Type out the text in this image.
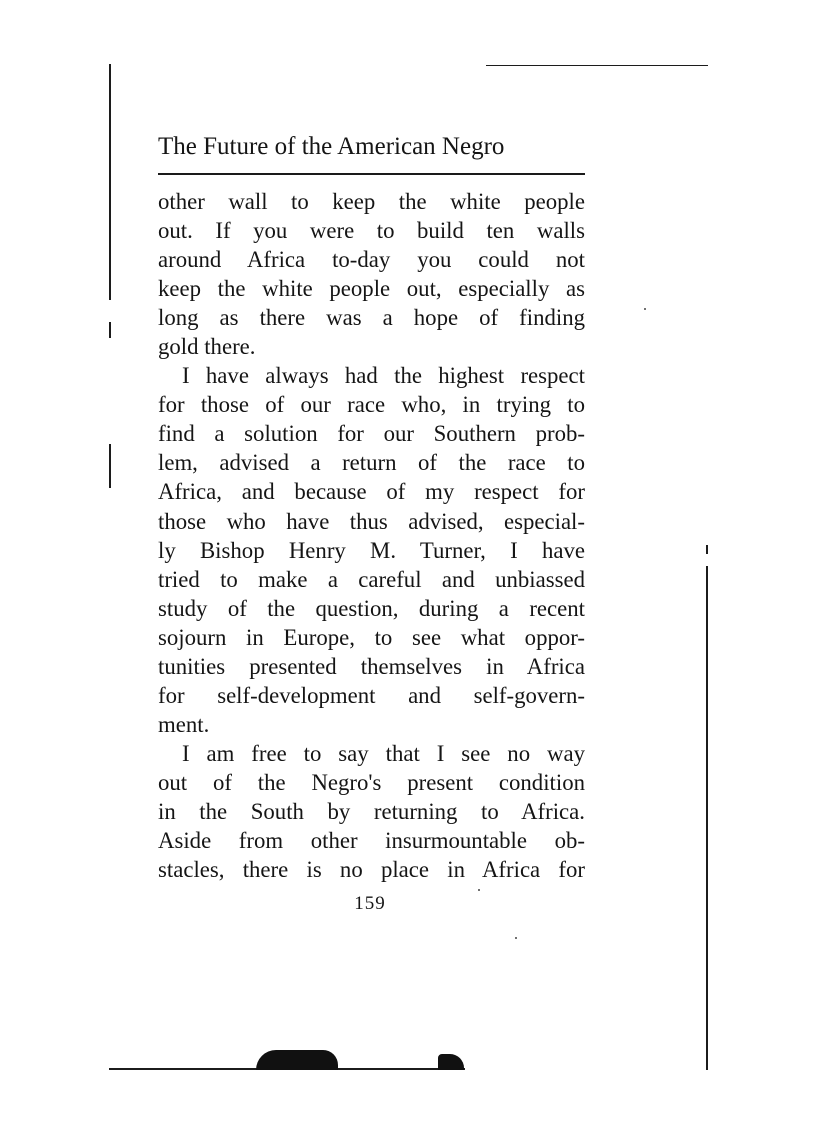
The Future of the American Negro
other wall to keep the white people
out. If you were to build ten walls
around Africa to-day you could not
keep the white people out, especially as
long as there was a hope of finding
gold there.
I have always had the highest respect
for those of our race who, in trying to
find a solution for our Southern prob-
lem, advised a return of the race to
Africa, and because of my respect for
those who have thus advised, especial-
ly Bishop Henry M. Turner, I have
tried to make a careful and unbiassed
study of the question, during a recent
sojourn in Europe, to see what oppor-
tunities presented themselves in Africa
for self-development and self-govern-
ment.
I am free to say that I see no way
out of the Negro's present condition
in the South by returning to Africa.
Aside from other insurmountable ob-
stacles, there is no place in Africa for
159
